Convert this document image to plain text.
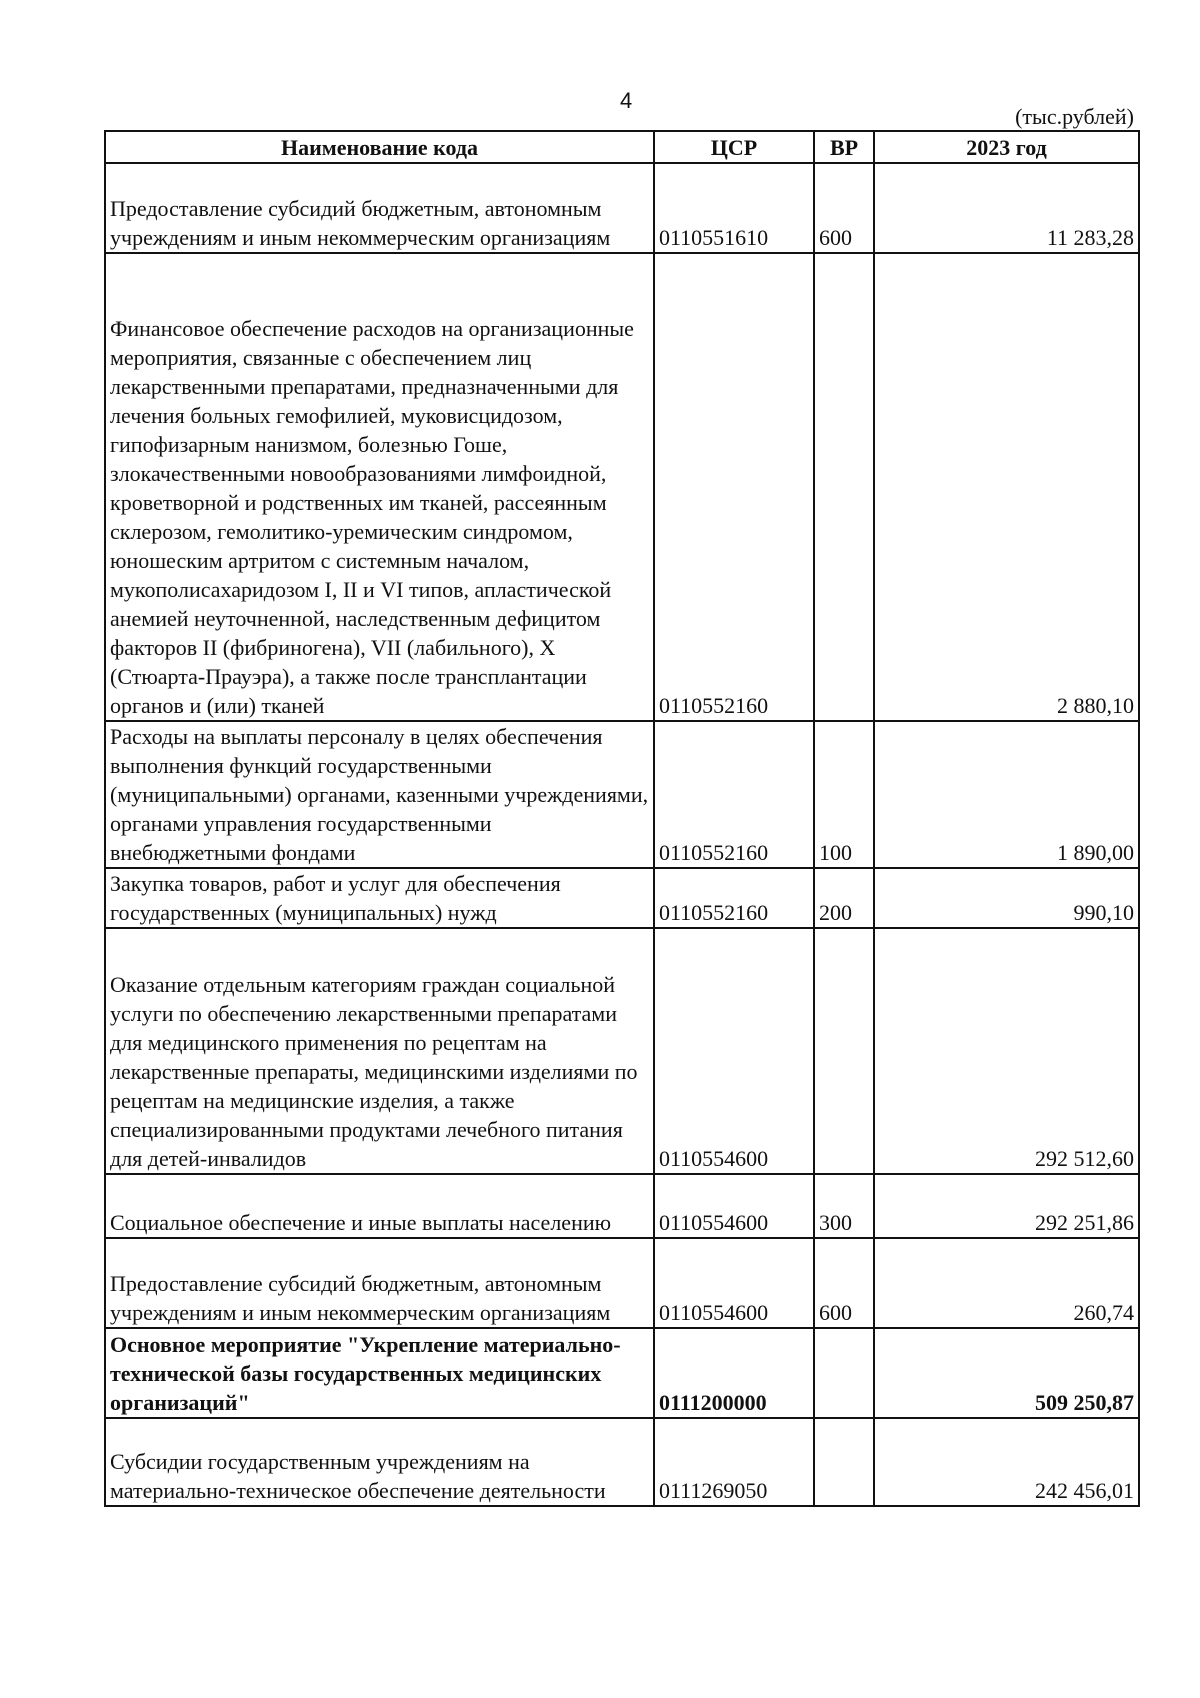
4
(тыс.рублей)
Наименование кода	ЦСР	ВР	2023 год
Предоставление субсидий бюджетным, автономным учреждениям и иным некоммерческим организациям	0110551610	600	11 283,28
Финансовое обеспечение расходов на организационные мероприятия, связанные с обеспечением лиц лекарственными препаратами, предназначенными для лечения больных гемофилией, муковисцидозом, гипофизарным нанизмом, болезнью Гоше, злокачественными новообразованиями лимфоидной, кроветворной и родственных им тканей, рассеянным склерозом, гемолитико-уремическим синдромом, юношеским артритом с системным началом, мукополисахаридозом I, II и VI типов, апластической анемией неуточненной, наследственным дефицитом факторов II (фибриногена), VII (лабильного), X (Стюарта-Прауэра), а также после трансплантации органов и (или) тканей	0110552160		2 880,10
Расходы на выплаты персоналу в целях обеспечения выполнения функций государственными (муниципальными) органами, казенными учреждениями, органами управления государственными внебюджетными фондами	0110552160	100	1 890,00
Закупка товаров, работ и услуг для обеспечения государственных (муниципальных) нужд	0110552160	200	990,10
Оказание отдельным категориям граждан социальной услуги по обеспечению лекарственными препаратами для медицинского применения по рецептам на лекарственные препараты, медицинскими изделиями по рецептам на медицинские изделия, а также специализированными продуктами лечебного питания для детей-инвалидов	0110554600		292 512,60
Социальное обеспечение и иные выплаты населению	0110554600	300	292 251,86
Предоставление субсидий бюджетным, автономным учреждениям и иным некоммерческим организациям	0110554600	600	260,74
Основное мероприятие "Укрепление материально-технической базы государственных медицинских организаций"	0111200000		509 250,87
Субсидии государственным учреждениям на материально-техническое обеспечение деятельности	0111269050		242 456,01
